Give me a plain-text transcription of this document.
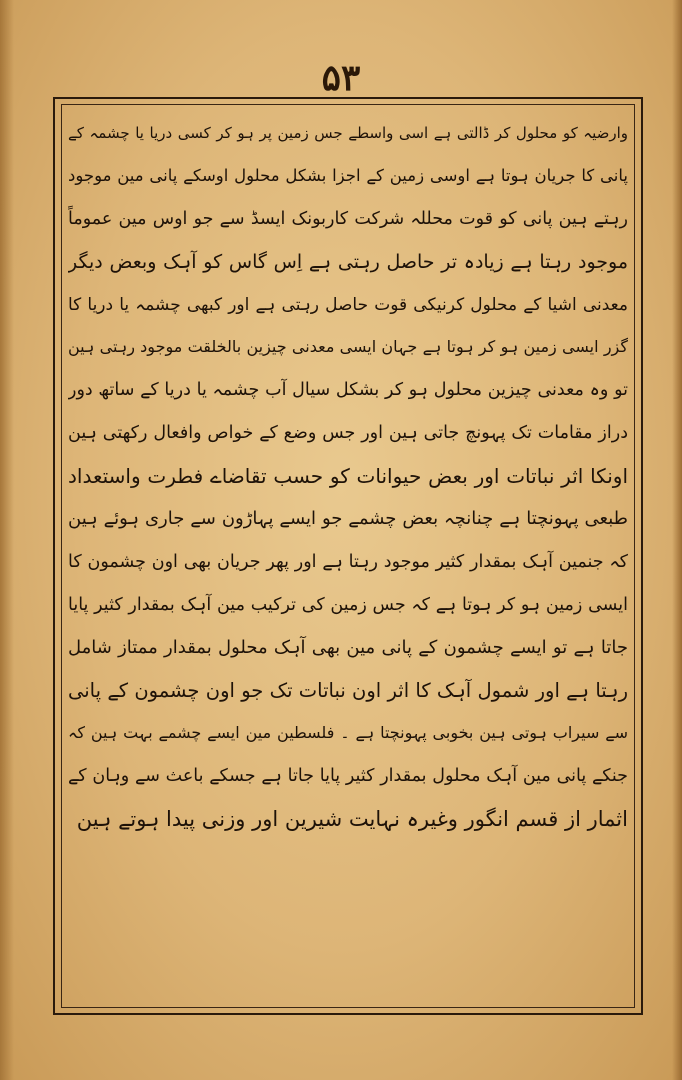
۵۳
وارضیہ کو محلول کر ڈالتی ہے اسی واسطے جس زمین پر ہو کر کسی دریا یا چشمہ کے
پانی کا جریان ہوتا ہے اوسی زمین کے اجزا بشکل محلول اوسکے پانی مین موجود
رہتے ہین پانی کو قوت محللہ شرکت کاربونک ایسڈ سے جو اوس مین عموماً
موجود رہتا ہے زیادہ تر حاصل رہتی ہے اِس گاس کو آہک وبعض دیگر
معدنی اشیا کے محلول کرنیکی قوت حاصل رہتی ہے اور کبھی چشمہ یا دریا کا
گزر ایسی زمین ہو کر ہوتا ہے جہان ایسی معدنی چیزین بالخلقت موجود رہتی ہین
تو وہ معدنی چیزین محلول ہو کر بشکل سیال آب چشمہ یا دریا کے ساتھ دور
دراز مقامات تک پہونچ جاتی ہین اور جس وضع کے خواص وافعال رکھتی ہین
اونکا اثر نباتات اور بعض حیوانات کو حسب تقاضاے فطرت واستعداد
طبعی پہونچتا ہے چنانچہ بعض چشمے جو ایسے پہاڑون سے جاری ہوئے ہین
کہ جنمین آہک بمقدار کثیر موجود رہتا ہے اور پھر جریان بھی اون چشمون کا
ایسی زمین ہو کر ہوتا ہے کہ جس زمین کی ترکیب مین آہک بمقدار کثیر پایا
جاتا ہے تو ایسے چشمون کے پانی مین بھی آہک محلول بمقدار ممتاز شامل
رہتا ہے اور شمول آہک کا اثر اون نباتات تک جو اون چشمون کے پانی
سے سیراب ہوتی ہین بخوبی پہونچتا ہے ۔ فلسطین مین ایسے چشمے بہت ہین کہ
جنکے پانی مین آہک محلول بمقدار کثیر پایا جاتا ہے جسکے باعث سے وہان کے
اثمار از قسم انگور وغیرہ نہایت شیرین اور وزنی پیدا ہوتے ہین
